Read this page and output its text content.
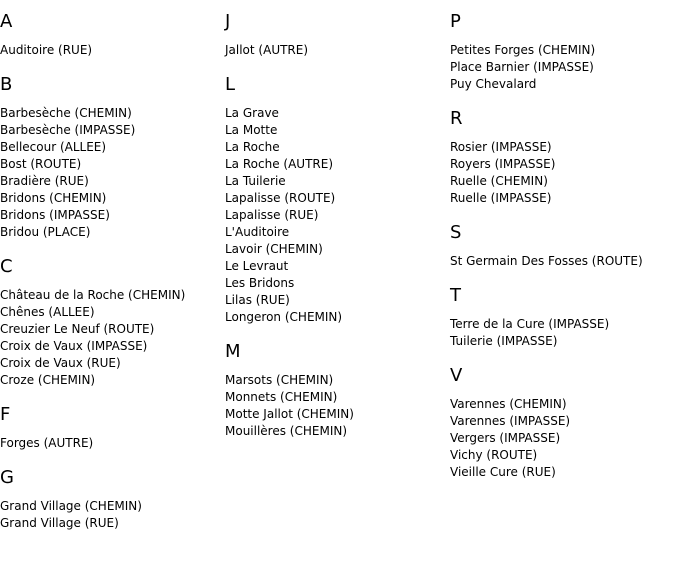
A
Auditoire (RUE)
B
Barbesèche (CHEMIN)
Barbesèche (IMPASSE)
Bellecour (ALLEE)
Bost (ROUTE)
Bradière (RUE)
Bridons (CHEMIN)
Bridons (IMPASSE)
Bridou (PLACE)
C
Château de la Roche (CHEMIN)
Chênes (ALLEE)
Creuzier Le Neuf (ROUTE)
Croix de Vaux (IMPASSE)
Croix de Vaux (RUE)
Croze (CHEMIN)
F
Forges (AUTRE)
G
Grand Village (CHEMIN)
Grand Village (RUE)
J
Jallot (AUTRE)
L
La Grave
La Motte
La Roche
La Roche (AUTRE)
La Tuilerie
Lapalisse (ROUTE)
Lapalisse (RUE)
L'Auditoire
Lavoir (CHEMIN)
Le Levraut
Les Bridons
Lilas (RUE)
Longeron (CHEMIN)
M
Marsots (CHEMIN)
Monnets (CHEMIN)
Motte Jallot (CHEMIN)
Mouillères (CHEMIN)
P
Petites Forges (CHEMIN)
Place Barnier (IMPASSE)
Puy Chevalard
R
Rosier (IMPASSE)
Royers (IMPASSE)
Ruelle (CHEMIN)
Ruelle (IMPASSE)
S
St Germain Des Fosses (ROUTE)
T
Terre de la Cure (IMPASSE)
Tuilerie (IMPASSE)
V
Varennes (CHEMIN)
Varennes (IMPASSE)
Vergers (IMPASSE)
Vichy (ROUTE)
Vieille Cure (RUE)
